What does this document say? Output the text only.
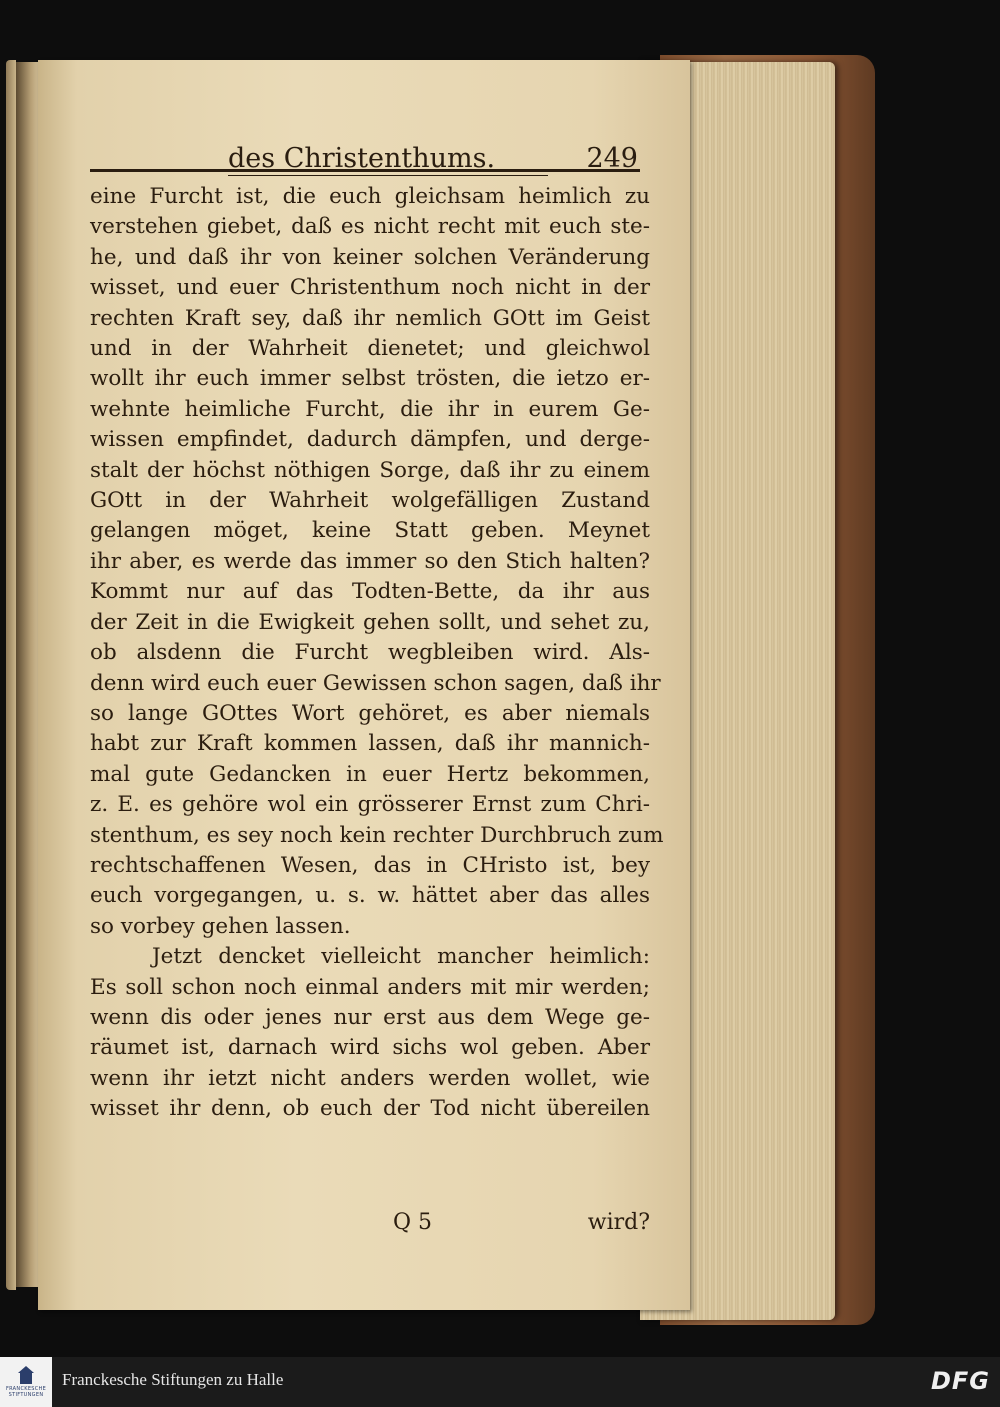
des Christenthums.	249
eine Furcht ist, die euch gleichsam heimlich zu
verstehen giebet, daß es nicht recht mit euch ste-
he, und daß ihr von keiner solchen Veränderung
wisset, und euer Christenthum noch nicht in der
rechten Kraft sey, daß ihr nemlich GOtt im Geist
und in der Wahrheit dienetet; und gleichwol
wollt ihr euch immer selbst trösten, die ietzo er-
wehnte heimliche Furcht, die ihr in eurem Ge-
wissen empfindet, dadurch dämpfen, und derge-
stalt der höchst nöthigen Sorge, daß ihr zu einem
GOtt in der Wahrheit wolgefälligen Zustand
gelangen möget, keine Statt geben. Meynet
ihr aber, es werde das immer so den Stich halten?
Kommt nur auf das Todten-Bette, da ihr aus
der Zeit in die Ewigkeit gehen sollt, und sehet zu,
ob alsdenn die Furcht wegbleiben wird. Als-
denn wird euch euer Gewissen schon sagen, daß ihr
so lange GOttes Wort gehöret, es aber niemals
habt zur Kraft kommen lassen, daß ihr mannich-
mal gute Gedancken in euer Hertz bekommen,
z. E. es gehöre wol ein grösserer Ernst zum Chri-
stenthum, es sey noch kein rechter Durchbruch zum
rechtschaffenen Wesen, das in CHristo ist, bey
euch vorgegangen, u. s. w. hättet aber das alles
so vorbey gehen lassen.
Jetzt dencket vielleicht mancher heimlich:
Es soll schon noch einmal anders mit mir werden;
wenn dis oder jenes nur erst aus dem Wege ge-
räumet ist, darnach wird sichs wol geben. Aber
wenn ihr ietzt nicht anders werden wollet, wie
wisset ihr denn, ob euch der Tod nicht übereilen
Q 5	wird?
FRANCKESCHE
STIFTUNGEN
Franckesche Stiftungen zu Halle	DFG
